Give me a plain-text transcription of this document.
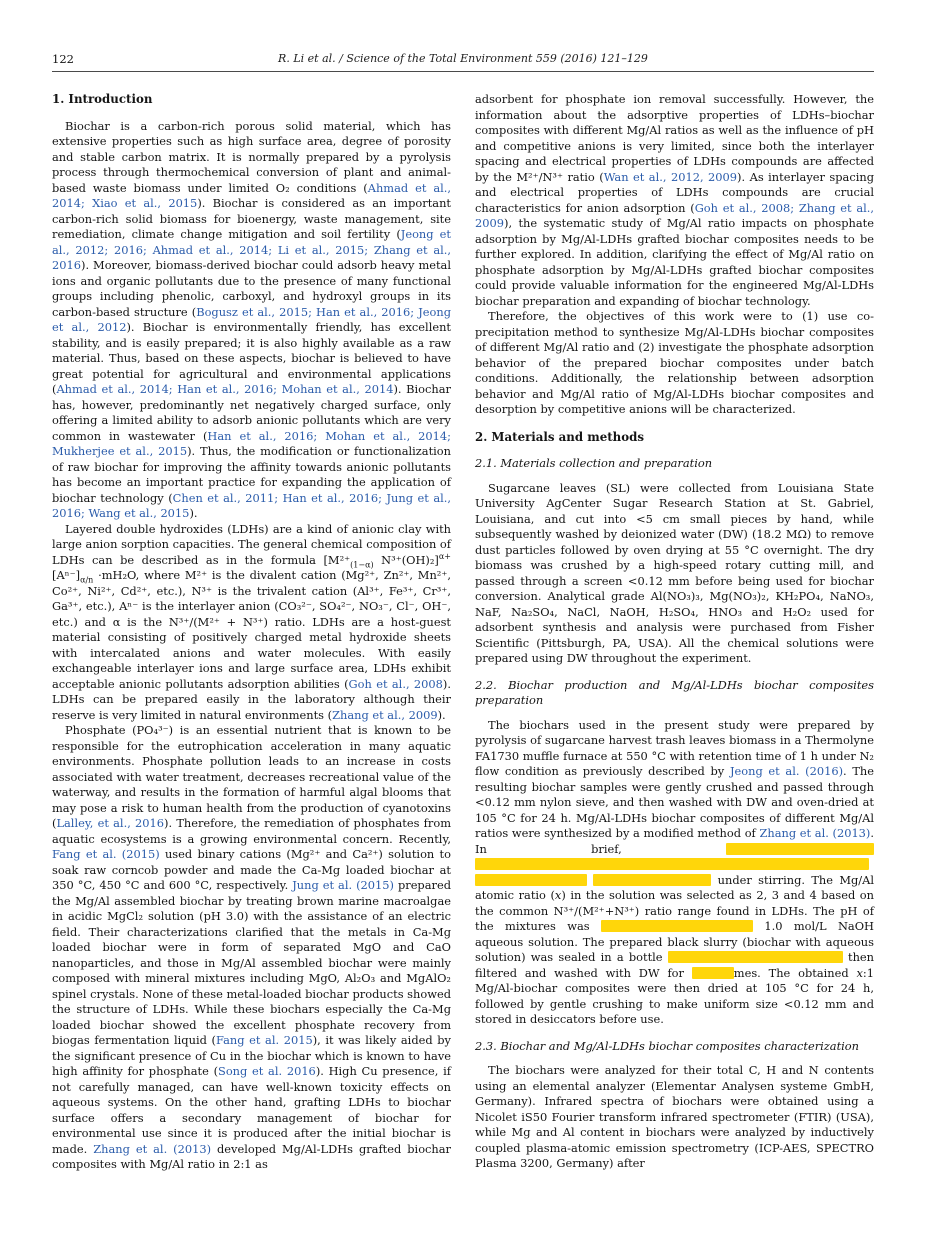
122	R. Li et al. / Science of the Total Environment 559 (2016) 121–129
1. Introduction

Biochar is a carbon-rich porous solid material, which has extensive properties such as high surface area, degree of porosity and stable carbon matrix. It is normally prepared by a pyrolysis process through thermochemical conversion of plant and animal-based waste biomass under limited O₂ conditions (Ahmad et al., 2014; Xiao et al., 2015). Biochar is considered as an important carbon-rich solid biomass for bioenergy, waste management, site remediation, climate change mitigation and soil fertility (Jeong et al., 2012; 2016; Ahmad et al., 2014; Li et al., 2015; Zhang et al., 2016). Moreover, biomass-derived biochar could adsorb heavy metal ions and organic pollutants due to the presence of many functional groups including phenolic, carboxyl, and hydroxyl groups in its carbon-based structure (Bogusz et al., 2015; Han et al., 2016; Jeong et al., 2012). Biochar is environmentally friendly, has excellent stability, and is easily prepared; it is also highly available as a raw material. Thus, based on these aspects, biochar is believed to have great potential for agricultural and environmental applications (Ahmad et al., 2014; Han et al., 2016; Mohan et al., 2014). Biochar has, however, predominantly net negatively charged surface, only offering a limited ability to adsorb anionic pollutants which are very common in wastewater (Han et al., 2016; Mohan et al., 2014; Mukherjee et al., 2015). Thus, the modification or functionalization of raw biochar for improving the affinity towards anionic pollutants has become an important practice for expanding the application of biochar technology (Chen et al., 2011; Han et al., 2016; Jung et al., 2016; Wang et al., 2015).

Layered double hydroxides (LDHs) are a kind of anionic clay with large anion sorption capacities. The general chemical composition of LDHs can be described as in the formula [$M^{2+}_{(1-\alpha)}$ $N^{3+}(OH)_2]^{\alpha+}[A^{n-}]_{\alpha/n} \cdot mH_2O$, where M²⁺ is the divalent cation (Mg²⁺, Zn²⁺, Mn²⁺, Co²⁺, Ni²⁺, Cd²⁺, etc.), N³⁺ is the trivalent cation (Al³⁺, Fe³⁺, Cr³⁺, Ga³⁺, etc.), Aⁿ⁻ is the interlayer anion (CO₃²⁻, SO₄²⁻, NO₃⁻, Cl⁻, OH⁻, etc.) and α is the N³⁺/(M²⁺ + N³⁺) ratio. LDHs are a host-guest material consisting of positively charged metal hydroxide sheets with intercalated anions and water molecules. With easily exchangeable interlayer ions and large surface area, LDHs exhibit acceptable anionic pollutants adsorption abilities (Goh et al., 2008). LDHs can be prepared easily in the laboratory although their reserve is very limited in natural environments (Zhang et al., 2009).

Phosphate (PO₄³⁻) is an essential nutrient that is known to be responsible for the eutrophication acceleration in many aquatic environments. Phosphate pollution leads to an increase in costs associated with water treatment, decreases recreational value of the waterway, and results in the formation of harmful algal blooms that may pose a risk to human health from the production of cyanotoxins (Lalley, et al., 2016). Therefore, the remediation of phosphates from aquatic ecosystems is a growing environmental concern. Recently, Fang et al. (2015) used binary cations (Mg²⁺ and Ca²⁺) solution to soak raw corncob powder and made the Ca-Mg loaded biochar at 350 °C, 450 °C and 600 °C, respectively. Jung et al. (2015) prepared the Mg/Al assembled biochar by treating brown marine macroalgae in acidic MgCl₂ solution (pH 3.0) with the assistance of an electric field. Their characterizations clarified that the metals in Ca-Mg loaded biochar were in form of separated MgO and CaO nanoparticles, and those in Mg/Al assembled biochar were mainly composed with mineral mixtures including MgO, Al₂O₃ and MgAlO₂ spinel crystals. None of these metal-loaded biochar products showed the structure of LDHs. While these biochars especially the Ca-Mg loaded biochar showed the excellent phosphate recovery from biogas fermentation liquid (Fang et al. 2015), it was likely aided by the significant presence of Cu in the biochar which is known to have high affinity for phosphate (Song et al. 2016). High Cu presence, if not carefully managed, can have well-known toxicity effects on aqueous systems. On the other hand, grafting LDHs to biochar surface offers a secondary management of biochar for environmental use since it is produced after the initial biochar is made. Zhang et al. (2013) developed Mg/Al-LDHs grafted biochar composites with Mg/Al ratio in 2:1 as

adsorbent for phosphate ion removal successfully. However, the information about the adsorptive properties of LDHs–biochar composites with different Mg/Al ratios as well as the influence of pH and competitive anions is very limited, since both the interlayer spacing and electrical properties of LDHs compounds are affected by the M²⁺/N³⁺ ratio (Wan et al., 2012, 2009). As interlayer spacing and electrical properties of LDHs compounds are crucial characteristics for anion adsorption (Goh et al., 2008; Zhang et al., 2009), the systematic study of Mg/Al ratio impacts on phosphate adsorption by Mg/Al-LDHs grafted biochar composites needs to be further explored. In addition, clarifying the effect of Mg/Al ratio on phosphate adsorption by Mg/Al-LDHs grafted biochar composites could provide valuable information for the engineered Mg/Al-LDHs biochar preparation and expanding of biochar technology.

Therefore, the objectives of this work were to (1) use co-precipitation method to synthesize Mg/Al-LDHs biochar composites of different Mg/Al ratio and (2) investigate the phosphate adsorption behavior of the prepared biochar composites under batch conditions. Additionally, the relationship between adsorption behavior and Mg/Al ratio of Mg/Al-LDHs biochar composites and desorption by competitive anions will be characterized.

2. Materials and methods
2.1. Materials collection and preparation

Sugarcane leaves (SL) were collected from Louisiana State University AgCenter Sugar Research Station at St. Gabriel, Louisiana, and cut into <5 cm small pieces by hand, while subsequently washed by deionized water (DW) (18.2 MΩ) to remove dust particles followed by oven drying at 55 °C overnight. The dry biomass was crushed by a high-speed rotary cutting mill, and passed through a screen <0.12 mm before being used for biochar conversion. Analytical grade Al(NO₃)₃, Mg(NO₃)₂, KH₂PO₄, NaNO₃, NaF, Na₂SO₄, NaCl, NaOH, H₂SO₄, HNO₃ and H₂O₂ used for adsorbent synthesis and analysis were purchased from Fisher Scientific (Pittsburgh, PA, USA). All the chemical solutions were prepared using DW throughout the experiment.

2.2. Biochar production and Mg/Al-LDHs biochar composites preparation

The biochars used in the present study were prepared by pyrolysis of sugarcane harvest trash leaves biomass in a Thermolyne FA1730 muffle furnace at 550 °C with retention time of 1 h under N₂ flow condition as previously described by Jeong et al. (2016). The resulting biochar samples were gently crushed and passed through <0.12 mm nylon sieve, and then washed with DW and oven-dried at 105 °C for 24 h. Mg/Al-LDHs biochar composites of different Mg/Al ratios were synthesized by a modified method of Zhang et al. (2013). In brief,     under stirring. The Mg/Al atomic ratio (x) in the solution was selected as 2, 3 and 4 based on the common N³⁺/(M²⁺+N³⁺) ratio range found in LDHs. The pH of the mixtures was	1.0 mol/L NaOH aqueous solution. The prepared black slurry (biochar with aqueous solution) was sealed in a bottle	then filtered and washed with DW for	mes. The obtained x:1 Mg/Al-biochar composites were then dried at 105 °C for 24 h, followed by gentle crushing to make uniform size <0.12 mm and stored in desiccators before use.

2.3. Biochar and Mg/Al-LDHs biochar composites characterization

The biochars were analyzed for their total C, H and N contents using an elemental analyzer (Elementar Analysen systeme GmbH, Germany). Infrared spectra of biochars were obtained using a Nicolet iS50 Fourier transform infrared spectrometer (FTIR) (USA), while Mg and Al content in biochars were analyzed by inductively coupled plasma-atomic emission spectrometry (ICP-AES, SPECTRO Plasma 3200, Germany) after
